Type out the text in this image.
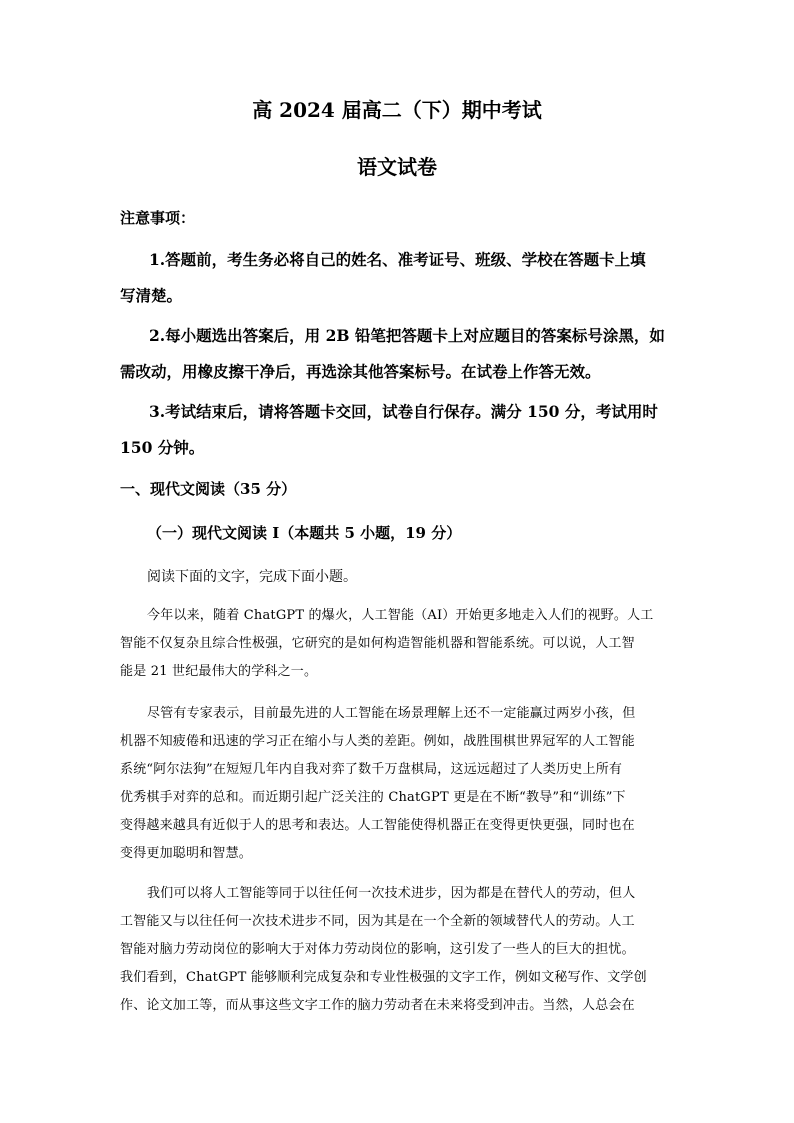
高 2024 届高二（下）期中考试
语文试卷
注意事项：
1.答题前，考生务必将自己的姓名、准考证号、班级、学校在答题卡上填
写清楚。
2.每小题选出答案后，用 2B 铅笔把答题卡上对应题目的答案标号涂黑，如
需改动，用橡皮擦干净后，再选涂其他答案标号。在试卷上作答无效。
3.考试结束后，请将答题卡交回，试卷自行保存。满分 150 分，考试用时
150 分钟。
一、现代文阅读（35 分）
（一）现代文阅读 I（本题共 5 小题，19 分）
阅读下面的文字，完成下面小题。
今年以来，随着 ChatGPT 的爆火，人工智能（AI）开始更多地走入人们的视野。人工
智能不仅复杂且综合性极强，它研究的是如何构造智能机器和智能系统。可以说，人工智
能是 21 世纪最伟大的学科之一。
尽管有专家表示，目前最先进的人工智能在场景理解上还不一定能赢过两岁小孩，但
机器不知疲倦和迅速的学习正在缩小与人类的差距。例如，战胜围棋世界冠军的人工智能
系统“阿尔法狗”在短短几年内自我对弈了数千万盘棋局，这远远超过了人类历史上所有
优秀棋手对弈的总和。而近期引起广泛关注的 ChatGPT 更是在不断“教导”和“训练”下
变得越来越具有近似于人的思考和表达。人工智能使得机器正在变得更快更强，同时也在
变得更加聪明和智慧。
我们可以将人工智能等同于以往任何一次技术进步，因为都是在替代人的劳动，但人
工智能又与以往任何一次技术进步不同，因为其是在一个全新的领域替代人的劳动。人工
智能对脑力劳动岗位的影响大于对体力劳动岗位的影响，这引发了一些人的巨大的担忧。
我们看到，ChatGPT 能够顺利完成复杂和专业性极强的文字工作，例如文秘写作、文学创
作、论文加工等，而从事这些文字工作的脑力劳动者在未来将受到冲击。当然，人总会在
